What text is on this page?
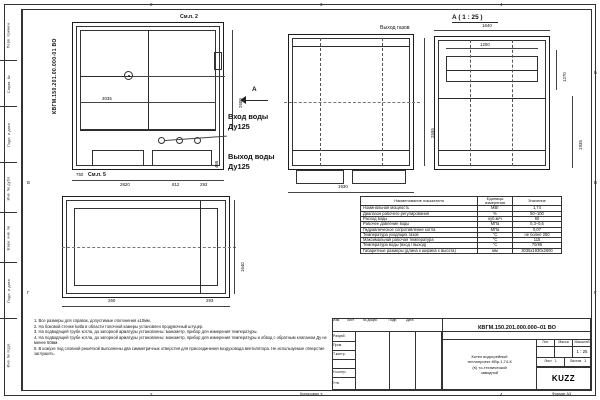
Перв. примен.
Справ. №
Подп. и дата
Инв. № дубл.
Взам. инв. №
Подп. и дата
Инв. № подл.
2	3	4
2	3	4
Б
В
Г
В
Г
КВГМ.150.201.00.000-01 ВО
См.п. 2
См.п. 5
3035	2600
750
2820	812	293
465
А
Вход воды
Ду125
Выход воды
Ду125
1640
260	293
Выход газов
2595
1930
А ( 1 : 25 )
1640
1200
1270
1935
Наименование показателя	Единицы измерения	Значение
Номинальная мощность	МВт	1,74
Диапазон рабочего регулирования	%	50–100
Расход воды	куб.м/ч	60
Рабочее давление воды	МПа	0,3–0,6
Гидравлическое сопротивление котла	МПа	0,07
Температура уходящих газов	°C	не более 250
Максимальная рабочая температура	°C	115
Температура воды (вход / выход)	°C	70/95
Габаритные размеры (длина х ширина х высота)	мм	3035х1930х2600
1. Все размеры для справок, допустимые отклонения ±10мм.
2. На боковой стенке køtla в области топочной камеры установлен продувочный штуцер.
3. На подводящей трубе котла, до запорной арматуры установлены: манометр, прибор для измерения температуры.
4. На подводящей трубе котла, до запорной арматуры установлены: манометр, прибор для измерения температуры и обвод с обратным клапаном Ду не менее 50мм.
5. В кожухе под словной решёткой выполнены два симметричных отверстия для присоединения воздуховода вентилятора. Не используемое отверстие заглушить.
Изм. Лист	№ докум.	Подп.	Дата
КВГМ.150.201.000.000–01 ВО
Разраб.
Пров.
Т.контр.
Н.контр.
Утв.
Котел водогрейный
теплопроект-КВр-1,74-К
(К) то-технический
заводной
Лит.	Масса	Масштаб
1 : 25
Лист 1	Листов 1
KUZZ
Копировал	Формат A3
